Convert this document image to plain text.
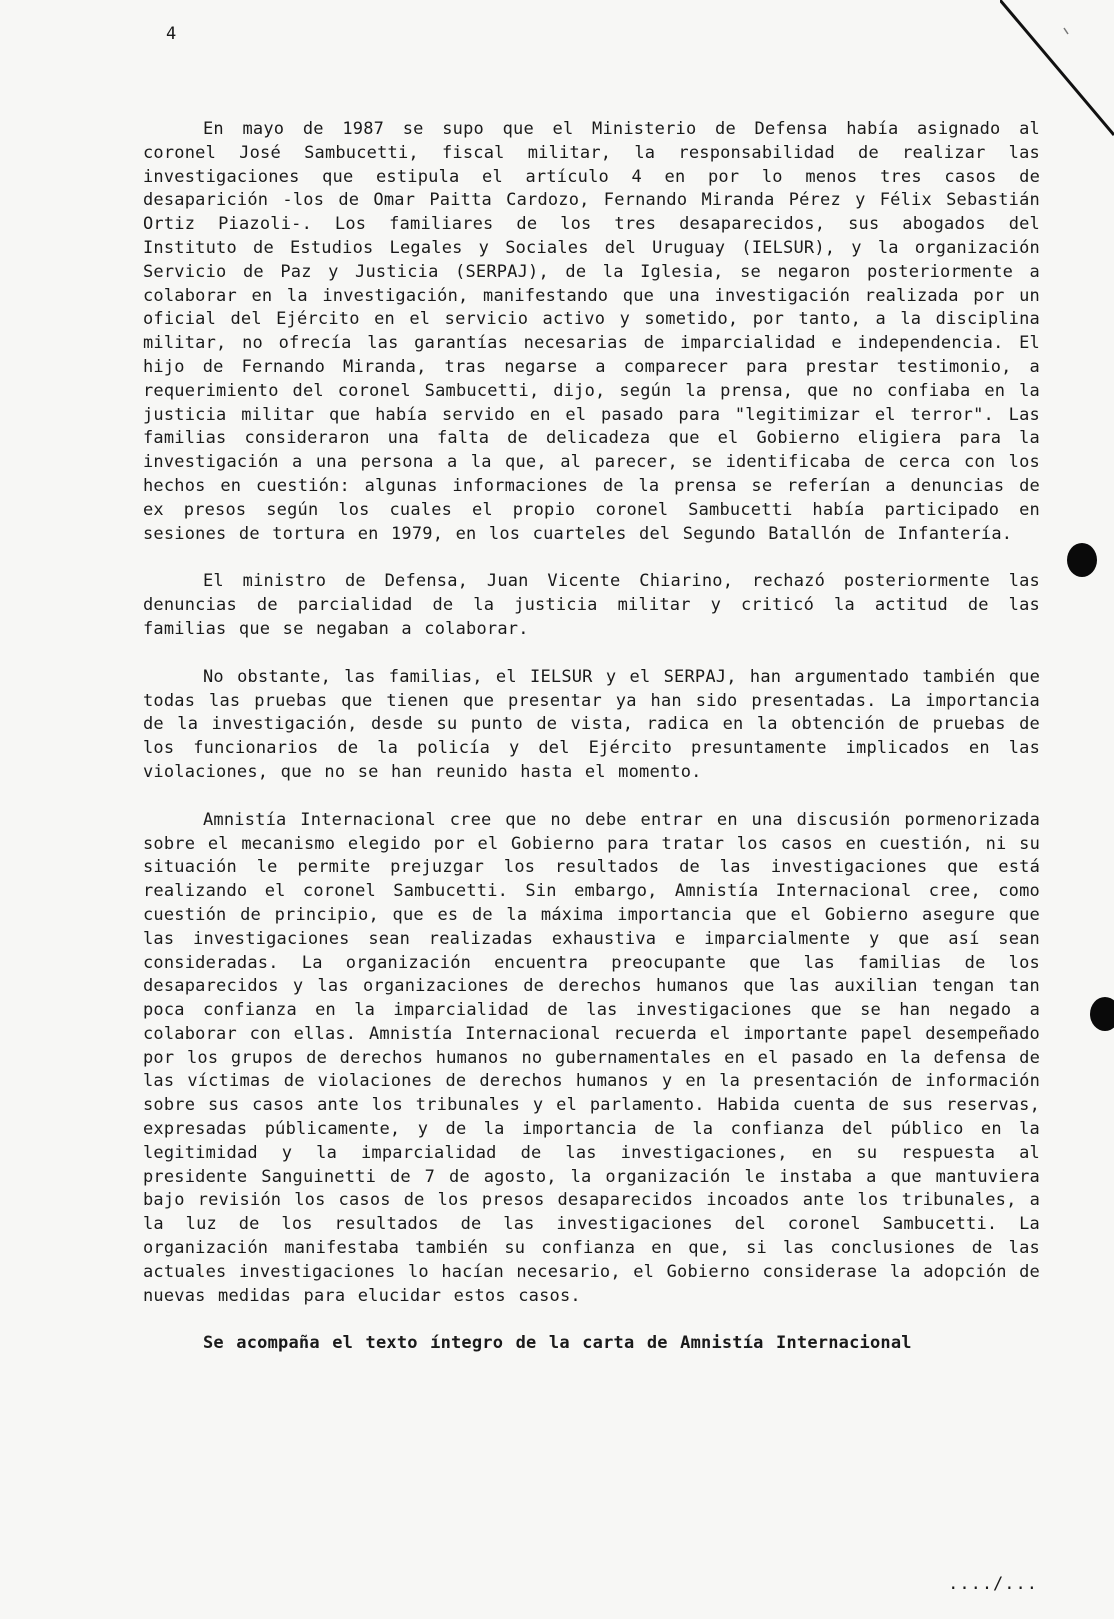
4

En mayo de 1987 se supo que el Ministerio de Defensa había asignado al coronel José Sambucetti, fiscal militar, la responsabilidad de realizar las investigaciones que estipula el artículo 4 en por lo menos tres casos de desaparición -los de Omar Paitta Cardozo, Fernando Miranda Pérez y Félix Sebastián Ortiz Piazoli-. Los familiares de los tres desaparecidos, sus abogados del Instituto de Estudios Legales y Sociales del Uruguay (IELSUR), y la organización Servicio de Paz y Justicia (SERPAJ), de la Iglesia, se negaron posteriormente a colaborar en la investigación, manifestando que una investigación realizada por un oficial del Ejército en el servicio activo y sometido, por tanto, a la disciplina militar, no ofrecía las garantías necesarias de imparcialidad e independencia. El hijo de Fernando Miranda, tras negarse a comparecer para prestar testimonio, a requerimiento del coronel Sambucetti, dijo, según la prensa, que no confiaba en la justicia militar que había servido en el pasado para "legitimizar el terror". Las familias consideraron una falta de delicadeza que el Gobierno eligiera para la investigación a una persona a la que, al parecer, se identificaba de cerca con los hechos en cuestión: algunas informaciones de la prensa se referían a denuncias de ex presos según los cuales el propio coronel Sambucetti había participado en sesiones de tortura en 1979, en los cuarteles del Segundo Batallón de Infantería.

El ministro de Defensa, Juan Vicente Chiarino, rechazó posteriormente las denuncias de parcialidad de la justicia militar y criticó la actitud de las familias que se negaban a colaborar.

No obstante, las familias, el IELSUR y el SERPAJ, han argumentado también que todas las pruebas que tienen que presentar ya han sido presentadas. La importancia de la investigación, desde su punto de vista, radica en la obtención de pruebas de los funcionarios de la policía y del Ejército presuntamente implicados en las violaciones, que no se han reunido hasta el momento.

Amnistía Internacional cree que no debe entrar en una discusión pormenorizada sobre el mecanismo elegido por el Gobierno para tratar los casos en cuestión, ni su situación le permite prejuzgar los resultados de las investigaciones que está realizando el coronel Sambucetti. Sin embargo, Amnistía Internacional cree, como cuestión de principio, que es de la máxima importancia que el Gobierno asegure que las investigaciones sean realizadas exhaustiva e imparcialmente y que así sean consideradas. La organización encuentra preocupante que las familias de los desaparecidos y las organizaciones de derechos humanos que las auxilian tengan tan poca confianza en la imparcialidad de las investigaciones que se han negado a colaborar con ellas. Amnistía Internacional recuerda el importante papel desempeñado por los grupos de derechos humanos no gubernamentales en el pasado en la defensa de las víctimas de violaciones de derechos humanos y en la presentación de información sobre sus casos ante los tribunales y el parlamento. Habida cuenta de sus reservas, expresadas públicamente, y de la importancia de la confianza del público en la legitimidad y la imparcialidad de las investigaciones, en su respuesta al presidente Sanguinetti de 7 de agosto, la organización le instaba a que mantuviera bajo revisión los casos de los presos desaparecidos incoados ante los tribunales, a la luz de los resultados de las investigaciones del coronel Sambucetti. La organización manifestaba también su confianza en que, si las conclusiones de las actuales investigaciones lo hacían necesario, el Gobierno considerase la adopción de nuevas medidas para elucidar estos casos.

Se acompaña el texto íntegro de la carta de Amnistía Internacional

..../...
